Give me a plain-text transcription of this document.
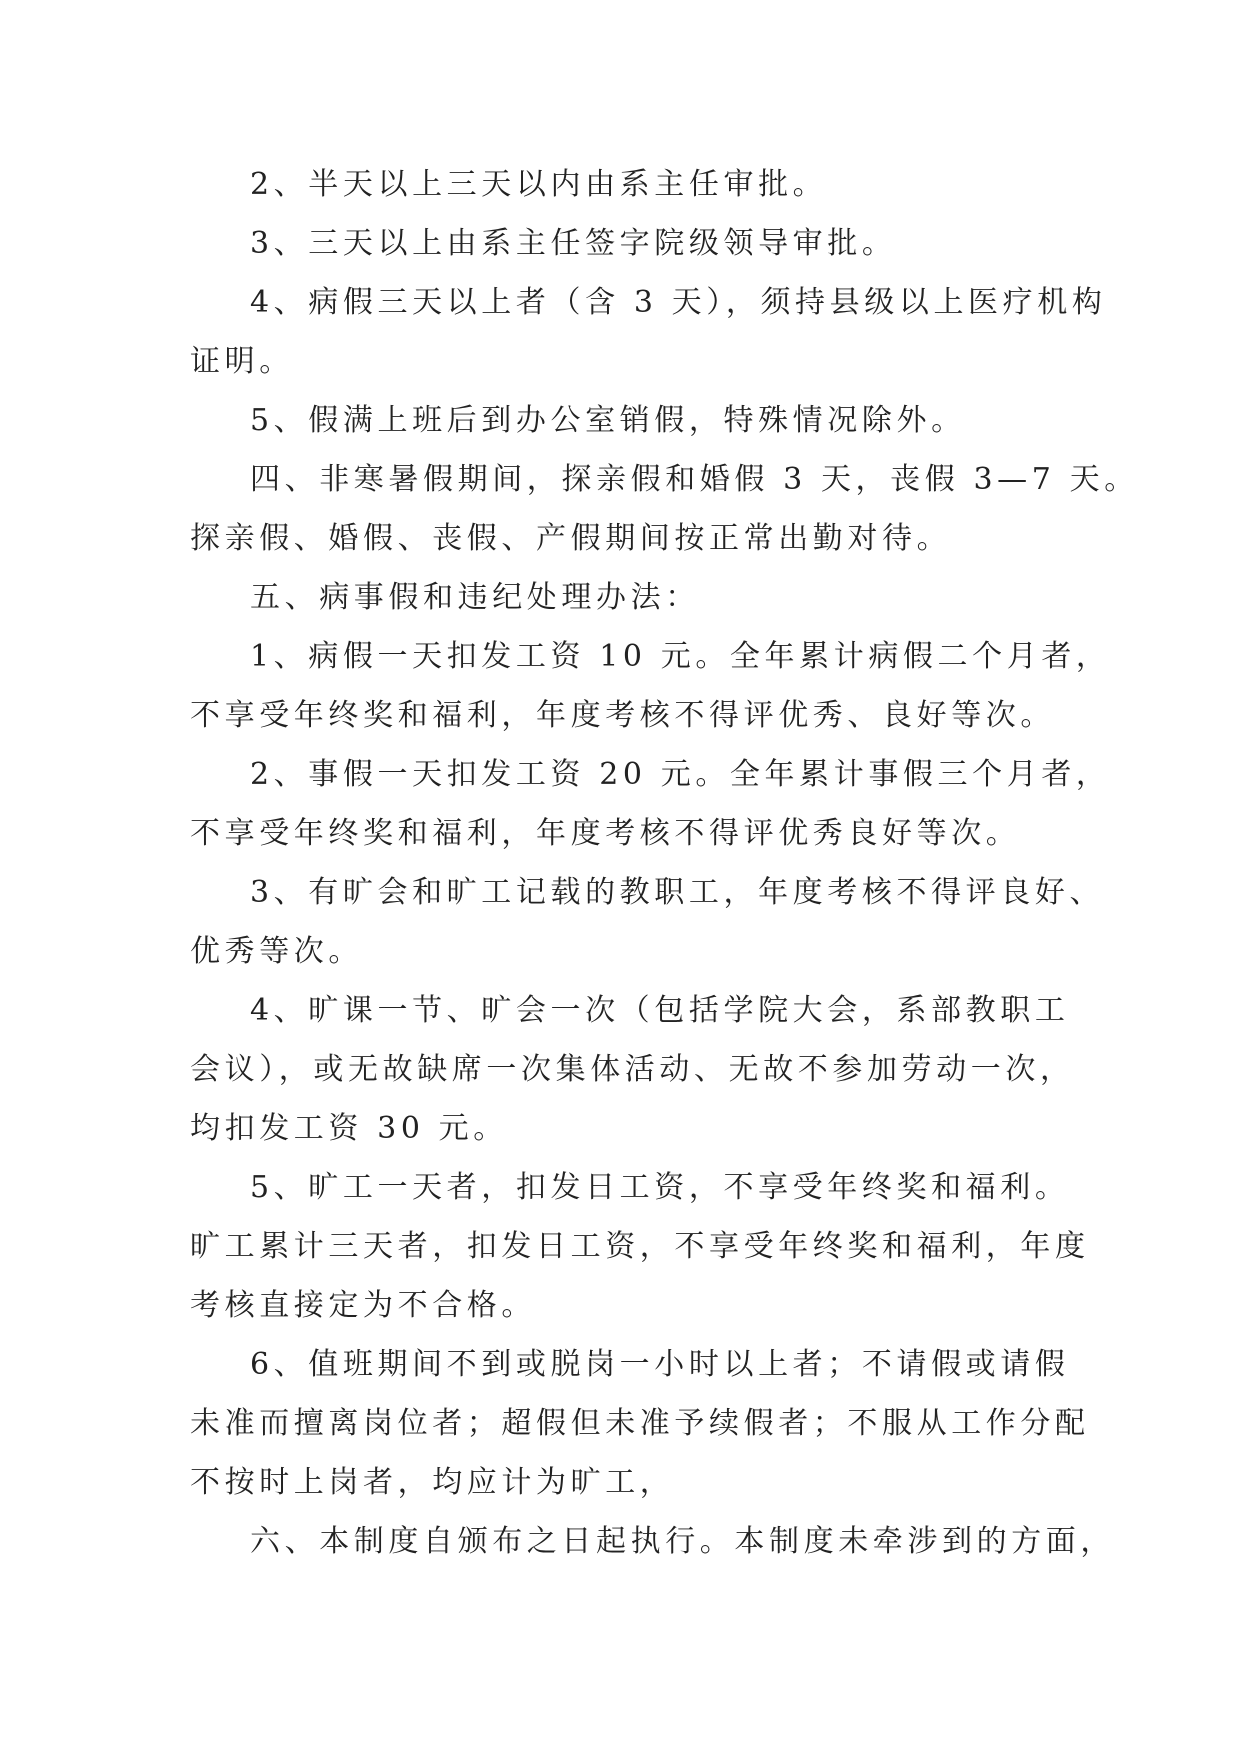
2、半天以上三天以内由系主任审批。
3、三天以上由系主任签字院级领导审批。
4、病假三天以上者（含 3 天），须持县级以上医疗机构
证明。
5、假满上班后到办公室销假，特殊情况除外。
四、非寒暑假期间，探亲假和婚假 3 天，丧假 3—7 天。
探亲假、婚假、丧假、产假期间按正常出勤对待。
五、病事假和违纪处理办法：
1、病假一天扣发工资 10 元。全年累计病假二个月者，
不享受年终奖和福利，年度考核不得评优秀、良好等次。
2、事假一天扣发工资 20 元。全年累计事假三个月者，
不享受年终奖和福利，年度考核不得评优秀良好等次。
3、有旷会和旷工记载的教职工，年度考核不得评良好、
优秀等次。
4、旷课一节、旷会一次（包括学院大会，系部教职工
会议），或无故缺席一次集体活动、无故不参加劳动一次，
均扣发工资 30 元。
5、旷工一天者，扣发日工资，不享受年终奖和福利。
旷工累计三天者，扣发日工资，不享受年终奖和福利，年度
考核直接定为不合格。
6、值班期间不到或脱岗一小时以上者；不请假或请假
未准而擅离岗位者；超假但未准予续假者；不服从工作分配
不按时上岗者，均应计为旷工，
六、本制度自颁布之日起执行。本制度未牵涉到的方面，
